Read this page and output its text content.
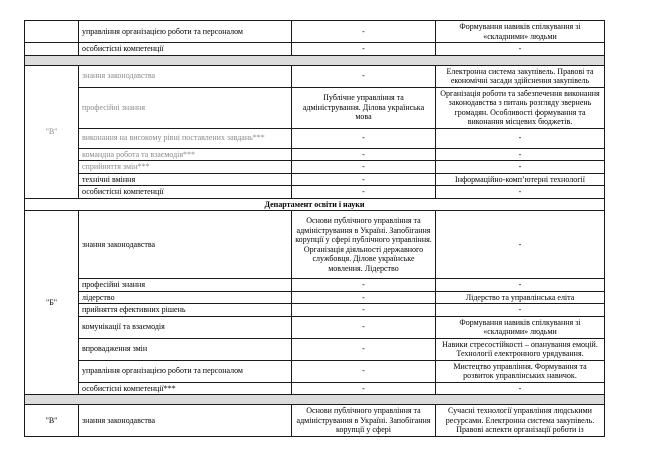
	управління організацією роботи та персоналом	-	Формування навиків спілкування зі «складними» людьми
	особистісні компетенції	-	-

"В"	знання законодавства	-	Електронна система закупівель. Правові та економічні засади здійснення закупівель
	професійні знання	Публічне управління та адміністрування. Ділова українська мова	Організація роботи та забезпечення виконання законодавства з питань розгляду звернень громадян. Особливості формування та виконання місцевих бюджетів.
	виконання на високому рівні поставлених завдань***	-	-
	командна робота та взаємодія***	-	-
	сприйняття змін***	-	-
	технічні вміння	-	Інформаційно-комп’ютерні технології
	особистісні компетенції	-	-
Департамент освіти і науки			
"Б"	знання законодавства	Основи публічного управління та адміністрування в Україні. Запобігання корупції у сфері публічного управління. Організація діяльності державного службовця. Ділове українське мовлення. Лідерство	-
	професійні знання	-	-
	лідерство	-	Лідерство та управлінська еліта
	прийняття ефективних рішень	-	-
	комунікації та взаємодія	-	Формування навиків спілкування зі «складними» людьми
	впровадження змін	-	Навики стресостійкості – опанування емоцій. Технології електронного урядування.
	управління організацією роботи та персоналом	-	Мистецтво управління. Формування та розвиток управлінських навичок.
	особистісні компетенції***	-	-

"В"	знання законодавства	Основи публічного управління та адміністрування в Україні. Запобігання корупції у сфері	Сучасні технології управління людськими ресурсами. Електронна система закупівель. Правові аспекти організації роботи із
